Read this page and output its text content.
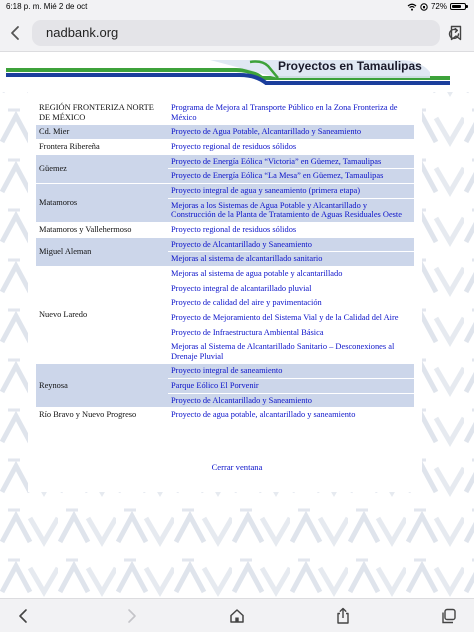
6:18 p. m. Mié 2 de oct	72%
nadbank.org
Proyectos en Tamaulipas
REGIÓN FRONTERIZA NORTE DE MÉXICO	Programa de Mejora al Transporte Público en la Zona Fronteriza de México
Cd. Mier	Proyecto de Agua Potable, Alcantarillado y Saneamiento
Frontera Ribereña	Proyecto regional de residuos sólidos
Güemez	Proyecto de Energía Eólica “Victoria” en Güemez, Tamaulipas
	Proyecto de Energía Eólica “La Mesa” en Güemez, Tamaulipas
Matamoros	Proyecto integral de agua y saneamiento (primera etapa)
	Mejoras a los Sistemas de Agua Potable y Alcantarillado y Construcción de la Planta de Tratamiento de Aguas Residuales Oeste
Matamoros y Vallehermoso	Proyecto regional de residuos sólidos
Miguel Aleman	Proyecto de Alcantarillado y Saneamiento
	Mejoras al sistema de alcantarillado sanitario
Nuevo Laredo	Mejoras al sistema de agua potable y alcantarillado
	Proyecto integral de alcantarillado pluvial
	Proyecto de calidad del aire y pavimentación
	Proyecto de Mejoramiento del Sistema Vial y de la Calidad del Aire
	Proyecto de Infraestructura Ambiental Básica
	Mejoras al Sistema de Alcantarillado Sanitario – Desconexiones al Drenaje Pluvial
Reynosa	Proyecto integral de saneamiento
	Parque Eólico El Porvenir
	Proyecto de Alcantarillado y Saneamiento
Río Bravo y Nuevo Progreso	Proyecto de agua potable, alcantarillado y saneamiento
Cerrar ventana
